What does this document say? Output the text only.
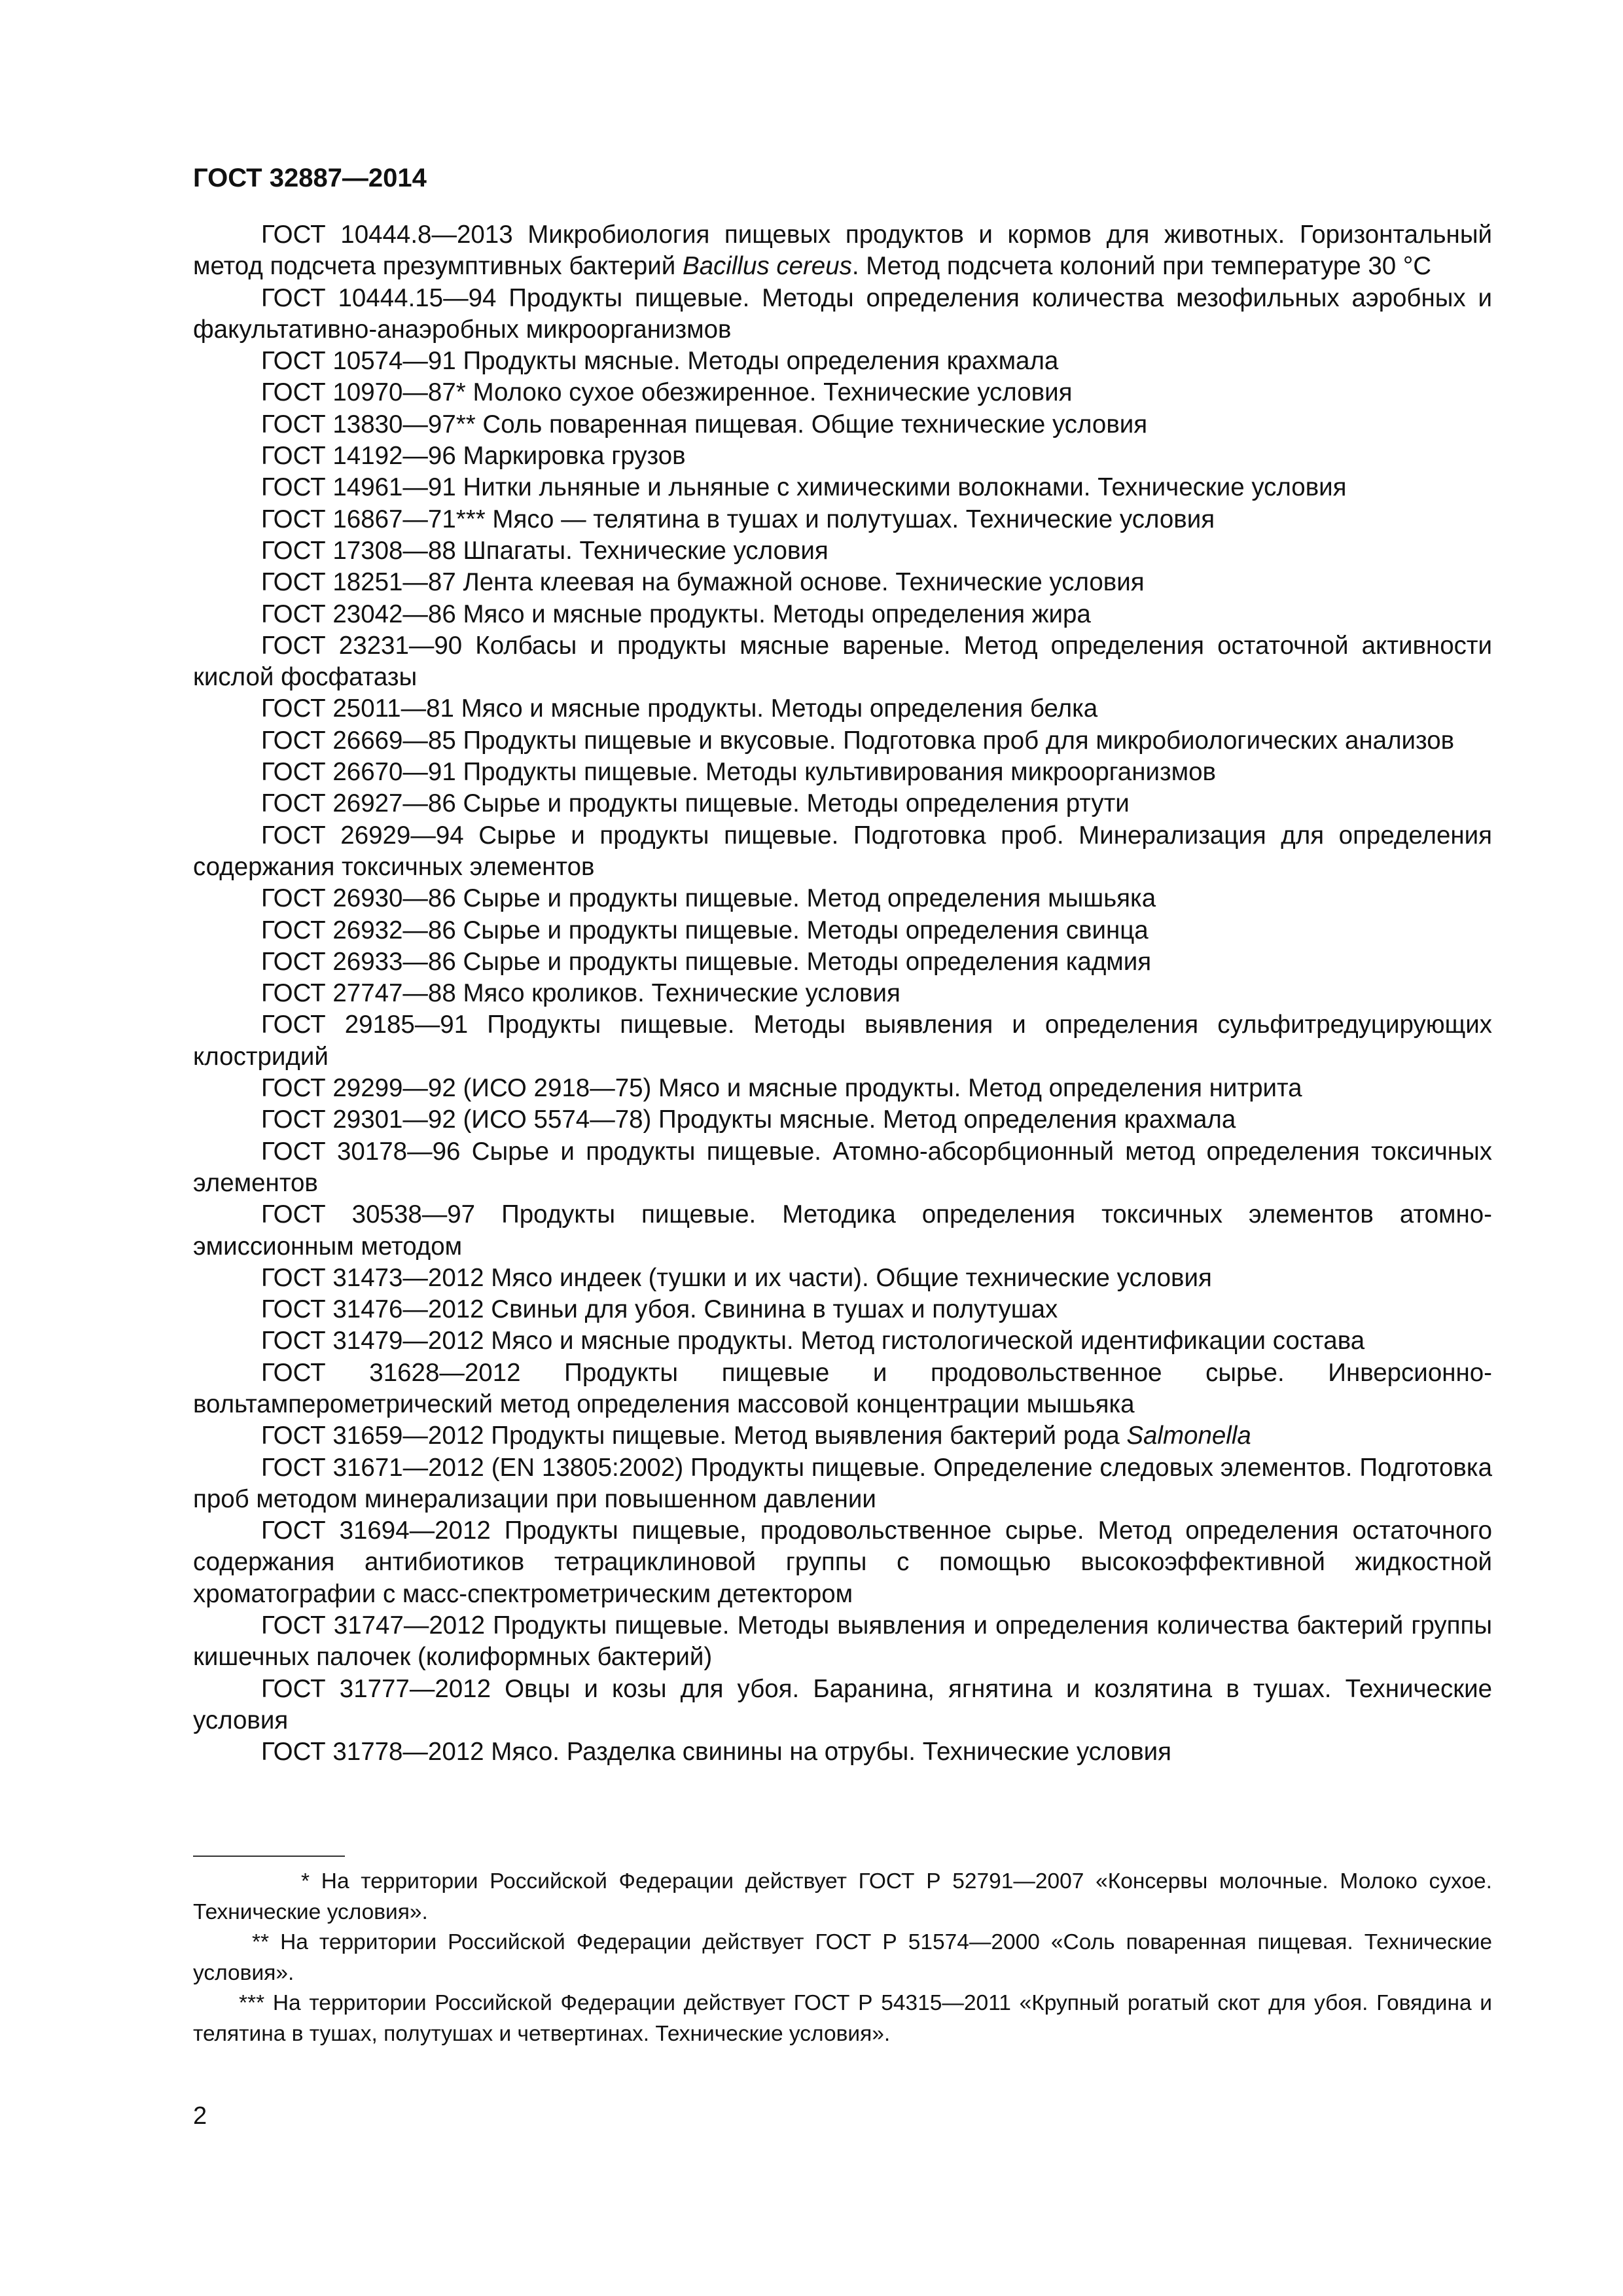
ГОСТ 32887—2014

ГОСТ 10444.8—2013 Микробиология пищевых продуктов и кормов для животных. Горизонтальный метод подсчета презумптивных бактерий Bacillus cereus. Метод подсчета колоний при температуре 30 °С

ГОСТ 10444.15—94 Продукты пищевые. Методы определения количества мезофильных аэробных и факультативно-анаэробных микроорганизмов

ГОСТ 10574—91 Продукты мясные. Методы определения крахмала

ГОСТ 10970—87* Молоко сухое обезжиренное. Технические условия

ГОСТ 13830—97** Соль поваренная пищевая. Общие технические условия

ГОСТ 14192—96 Маркировка грузов

ГОСТ 14961—91 Нитки льняные и льняные с химическими волокнами. Технические условия

ГОСТ 16867—71*** Мясо — телятина в тушах и полутушах. Технические условия

ГОСТ 17308—88 Шпагаты. Технические условия

ГОСТ 18251—87 Лента клеевая на бумажной основе. Технические условия

ГОСТ 23042—86 Мясо и мясные продукты. Методы определения жира

ГОСТ 23231—90 Колбасы и продукты мясные вареные. Метод определения остаточной активности кислой фосфатазы

ГОСТ 25011—81 Мясо и мясные продукты. Методы определения белка

ГОСТ 26669—85 Продукты пищевые и вкусовые. Подготовка проб для микробиологических анализов

ГОСТ 26670—91 Продукты пищевые. Методы культивирования микроорганизмов

ГОСТ 26927—86 Сырье и продукты пищевые. Методы определения ртути

ГОСТ 26929—94 Сырье и продукты пищевые. Подготовка проб. Минерализация для определения содержания токсичных элементов

ГОСТ 26930—86 Сырье и продукты пищевые. Метод определения мышьяка

ГОСТ 26932—86 Сырье и продукты пищевые. Методы определения свинца

ГОСТ 26933—86 Сырье и продукты пищевые. Методы определения кадмия

ГОСТ 27747—88 Мясо кроликов. Технические условия

ГОСТ 29185—91 Продукты пищевые. Методы выявления и определения сульфитредуцирующих клостридий

ГОСТ 29299—92 (ИСО 2918—75) Мясо и мясные продукты. Метод определения нитрита

ГОСТ 29301—92 (ИСО 5574—78) Продукты мясные. Метод определения крахмала

ГОСТ 30178—96 Сырье и продукты пищевые. Атомно-абсорбционный метод определения токсичных элементов

ГОСТ 30538—97 Продукты пищевые. Методика определения токсичных элементов атомно-эмиссионным методом

ГОСТ 31473—2012 Мясо индеек (тушки и их части). Общие технические условия

ГОСТ 31476—2012 Свиньи для убоя. Свинина в тушах и полутушах

ГОСТ 31479—2012 Мясо и мясные продукты. Метод гистологической идентификации состава

ГОСТ 31628—2012 Продукты пищевые и продовольственное сырье. Инверсионно-вольтамперометрический метод определения массовой концентрации мышьяка

ГОСТ 31659—2012 Продукты пищевые. Метод выявления бактерий рода Salmonella

ГОСТ 31671—2012 (EN 13805:2002) Продукты пищевые. Определение следовых элементов. Подготовка проб методом минерализации при повышенном давлении

ГОСТ 31694—2012 Продукты пищевые, продовольственное сырье. Метод определения остаточного содержания антибиотиков тетрациклиновой группы с помощью высокоэффективной жидкостной хроматографии с масс-спектрометрическим детектором

ГОСТ 31747—2012 Продукты пищевые. Методы выявления и определения количества бактерий группы кишечных палочек (колиформных бактерий)

ГОСТ 31777—2012 Овцы и козы для убоя. Баранина, ягнятина и козлятина в тушах. Технические условия

ГОСТ 31778—2012 Мясо. Разделка свинины на отрубы. Технические условия

* На территории Российской Федерации действует ГОСТ Р 52791—2007 «Консервы молочные. Молоко сухое. Технические условия».

** На территории Российской Федерации действует ГОСТ Р 51574—2000 «Соль поваренная пищевая. Технические условия».

*** На территории Российской Федерации действует ГОСТ Р 54315—2011 «Крупный рогатый скот для убоя. Говядина и телятина в тушах, полутушах и четвертинах. Технические условия».

2
